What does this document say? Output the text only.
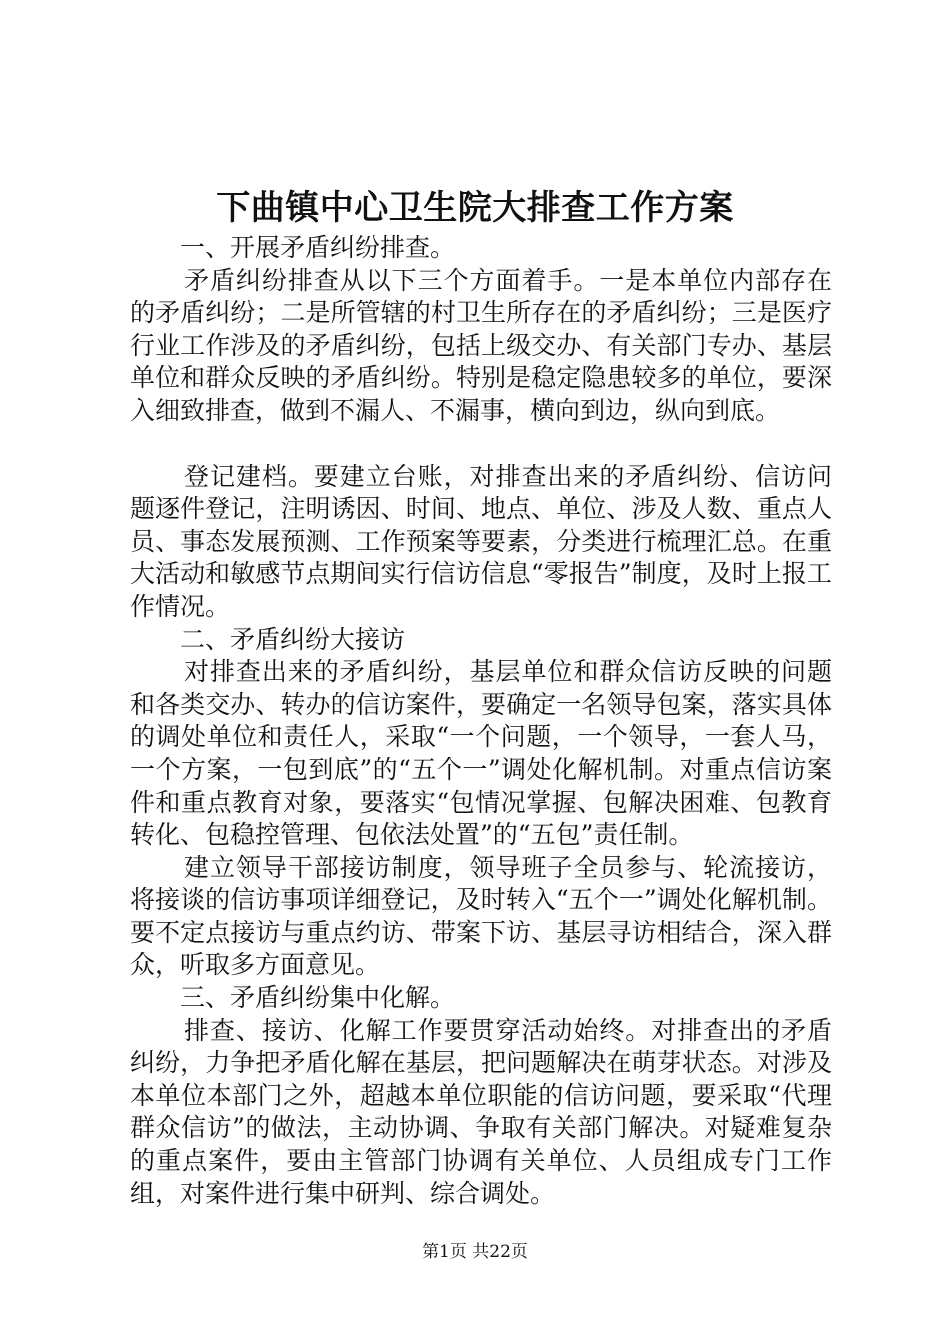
下曲镇中心卫生院大排查工作方案

一、开展矛盾纠纷排查。

矛盾纠纷排查从以下三个方面着手。一是本单位内部存在的矛盾纠纷；二是所管辖的村卫生所存在的矛盾纠纷；三是医疗行业工作涉及的矛盾纠纷，包括上级交办、有关部门专办、基层单位和群众反映的矛盾纠纷。特别是稳定隐患较多的单位，要深入细致排查，做到不漏人、不漏事，横向到边，纵向到底。

登记建档。要建立台账，对排查出来的矛盾纠纷、信访问题逐件登记，注明诱因、时间、地点、单位、涉及人数、重点人员、事态发展预测、工作预案等要素，分类进行梳理汇总。在重大活动和敏感节点期间实行信访信息“零报告”制度，及时上报工作情况。

二、矛盾纠纷大接访

对排查出来的矛盾纠纷，基层单位和群众信访反映的问题和各类交办、转办的信访案件，要确定一名领导包案，落实具体的调处单位和责任人，采取“一个问题，一个领导，一套人马，一个方案，一包到底”的“五个一”调处化解机制。对重点信访案件和重点教育对象，要落实“包情况掌握、包解决困难、包教育转化、包稳控管理、包依法处置”的“五包”责任制。

建立领导干部接访制度，领导班子全员参与、轮流接访，将接谈的信访事项详细登记，及时转入“五个一”调处化解机制。要不定点接访与重点约访、带案下访、基层寻访相结合，深入群众，听取多方面意见。

三、矛盾纠纷集中化解。

排查、接访、化解工作要贯穿活动始终。对排查出的矛盾纠纷，力争把矛盾化解在基层，把问题解决在萌芽状态。对涉及本单位本部门之外，超越本单位职能的信访问题，要采取“代理群众信访”的做法，主动协调、争取有关部门解决。对疑难复杂的重点案件，要由主管部门协调有关单位、人员组成专门工作组，对案件进行集中研判、综合调处。

第1页 共22页
